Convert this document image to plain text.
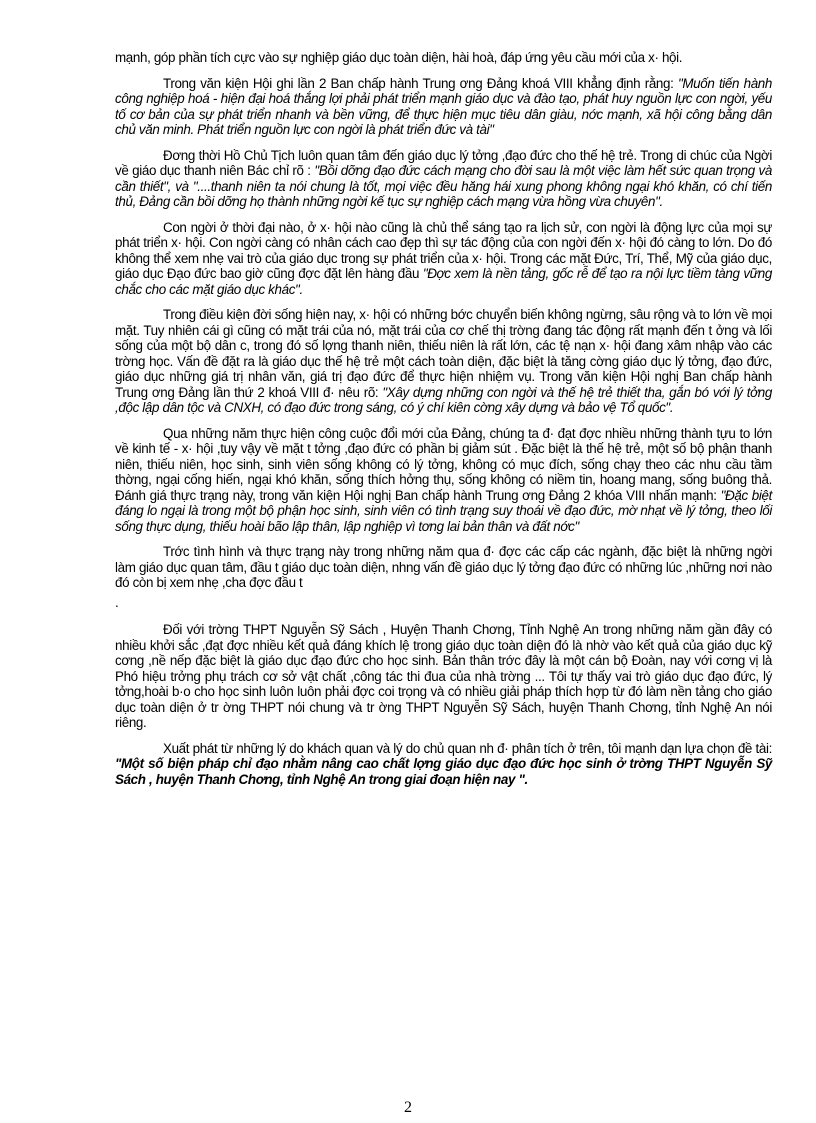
mạnh, góp phần tích cực vào sự nghiệp giáo dục toàn diện, hài hoà, đáp ứng yêu cầu mới của x· hội.

Trong văn kiện Hội ghi lần 2 Ban chấp hành Trung ơng Đảng khoá VIII khẳng định rằng: "Muốn tiến hành công nghiệp hoá - hiện đại hoá thắng lợi phải phát triển mạnh giáo dục và đào tạo, phát huy nguồn lực con ngời, yếu tố cơ bản của sự phát triển nhanh và bền vững, để thực hiện mục tiêu dân giàu, nớc mạnh, xã hội công bằng dân chủ văn minh. Phát triển nguồn lực con ngời là phát triển đức và tài"

Đơng thời Hồ Chủ Tịch luôn quan tâm đến giáo dục lý tởng ,đạo đức cho thế hệ trẻ. Trong di chúc của Ngời về giáo dục thanh niên Bác chỉ rõ : "Bồi dỡng đạo đức cách mạng cho đời sau là một việc làm hết sức quan trọng và cần thiết", và "....thanh niên ta nói chung là tốt, mọi việc đều hăng hái xung phong không ngại khó khăn, có chí tiến thủ, Đảng cần bồi dỡng họ thành những ngời kế tục sự nghiệp cách mạng vừa hồng vừa chuyên".

Con ngời ở thời đại nào, ở x· hội nào cũng là chủ thể sáng tạo ra lịch sử, con ngời là động lực của mọi sự phát triển x· hội. Con ngời càng có nhân cách cao đẹp thì sự tác động của con ngời đến x· hội đó càng to lớn. Do đó không thể xem nhẹ vai trò của giáo dục trong sự phát triển của x· hội. Trong các mặt Đức, Trí, Thể, Mỹ của giáo dục, giáo dục Đạo đức bao giờ cũng đợc đặt lên hàng đầu "Đợc xem là nền tảng, gốc rễ để tạo ra nội lực tiềm tàng vững chắc cho các mặt giáo dục khác".

Trong điều kiện đời sống hiện nay, x· hội có những bớc chuyển biến không ngừng, sâu rộng và to lớn về mọi mặt. Tuy nhiên cái gì cũng có mặt trái của nó, mặt trái của cơ chế thị trờng đang tác động rất mạnh đến t ởng và lối sống của một bộ dân c, trong đó số lợng thanh niên, thiếu niên là rất lớn, các tệ nạn x· hội đang xâm nhập vào các trờng học. Vấn đề đặt ra là giáo dục thế hệ trẻ một cách toàn diện, đặc biệt là tăng cờng giáo dục lý tởng, đạo đức, giáo dục những giá trị nhân văn, giá trị đạo đức để thực hiện nhiệm vụ. Trong văn kiện Hội nghị Ban chấp hành Trung ơng Đảng lần thứ 2 khoá VIII đ· nêu rõ: "Xây dựng những con ngời và thế hệ trẻ thiết tha, gắn bó với lý tởng ,độc lập dân tộc và CNXH, có đạo đức trong sáng, có ý chí kiên cờng xây dựng và bảo vệ Tổ quốc".

Qua những năm thực hiện công cuộc đổi mới của Đảng, chúng ta đ· đạt đợc nhiều những thành tựu to lớn về kinh tế - x· hội ,tuy vậy về mặt t tởng ,đạo đức có phần bị giảm sút . Đặc biệt là thế hệ trẻ, một số bộ phận thanh niên, thiếu niên, học sinh, sinh viên sống không có lý tởng, không có mục đích, sống chạy theo các nhu cầu tầm thờng, ngại cống hiến, ngại khó khăn, sống thích hởng thụ, sống không có niềm tin, hoang mang, sống buông thả. Đánh giá thực trạng này, trong văn kiện Hội nghị Ban chấp hành Trung ơng Đảng 2 khóa VIII nhấn mạnh: "Đặc biệt đáng lo ngại là trong một bộ phận học sinh, sinh viên có tình trạng suy thoái về đạo đức, mờ nhạt về lý tởng, theo lối sống thực dụng, thiếu hoài bão lập thân, lập nghiệp vì tơng lai bản thân và đất nớc"

Trớc tình hình và thực trạng này trong những năm qua đ· đợc các cấp các ngành, đặc biệt là những ngời làm giáo dục quan tâm, đầu t giáo dục toàn diện, nhng vấn đề giáo dục lý tởng đạo đức có những lúc ,những nơi nào đó còn bị xem nhẹ ,cha đợc đầu t

.

Đối với trờng THPT Nguyễn Sỹ Sách , Huyện Thanh Chơng, Tỉnh Nghệ An trong những năm gần đây có nhiều khởi sắc ,đạt đợc nhiều kết quả đáng khích lệ trong giáo dục toàn diện đó là nhờ vào kết quả của giáo dục kỹ cơng ,nề nếp đặc biệt là giáo dục đạo đức cho học sinh. Bản thân trớc đây là một cán bộ Đoàn, nay với cơng vị là Phó hiệu trởng phụ trách cơ sở vật chất ,công tác thi đua của nhà trờng ... Tôi tự thấy vai trò giáo dục đạo đức, lý tởng,hoài b·o cho học sinh luôn luôn phải đợc coi trọng và có nhiều giải pháp thích hợp từ đó làm nền tảng cho giáo dục toàn diện ở tr ờng THPT nói chung và tr ờng THPT Nguyễn Sỹ Sách, huyện Thanh Chơng, tỉnh Nghệ An nói riêng.

Xuất phát từ những lý do khách quan và lý do chủ quan nh đ· phân tích ở trên, tôi mạnh dạn lựa chọn đề tài: "Một số biện pháp chỉ đạo nhằm nâng cao chất lợng giáo dục đạo đức học sinh ở trờng THPT Nguyễn Sỹ Sách , huyện Thanh Chơng, tỉnh Nghệ An trong giai đoạn hiện nay ".

2
